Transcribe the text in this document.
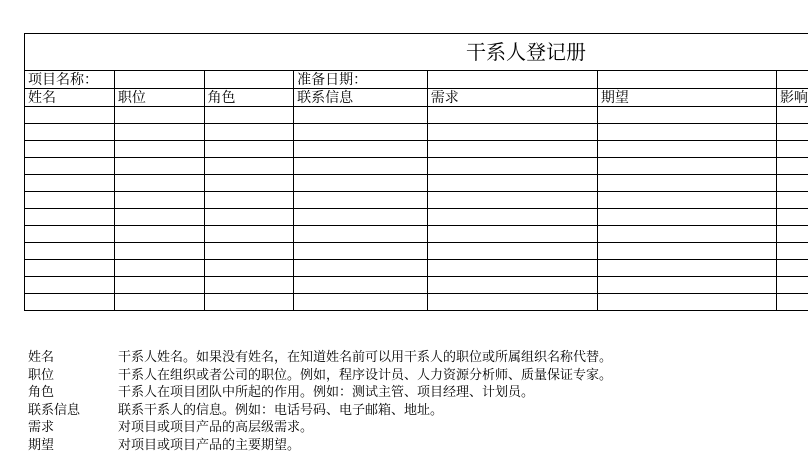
干系人登记册
项目名称：			准备日期：			
姓名	职位	角色	联系信息	需求	期望	影响

姓名	干系人姓名。如果没有姓名，在知道姓名前可以用干系人的职位或所属组织名称代替。
职位	干系人在组织或者公司的职位。例如，程序设计员、人力资源分析师、质量保证专家。
角色	干系人在项目团队中所起的作用。例如：测试主管、项目经理、计划员。
联系信息	联系干系人的信息。例如：电话号码、电子邮箱、地址。
需求	对项目或项目产品的高层级需求。
期望	对项目或项目产品的主要期望。
